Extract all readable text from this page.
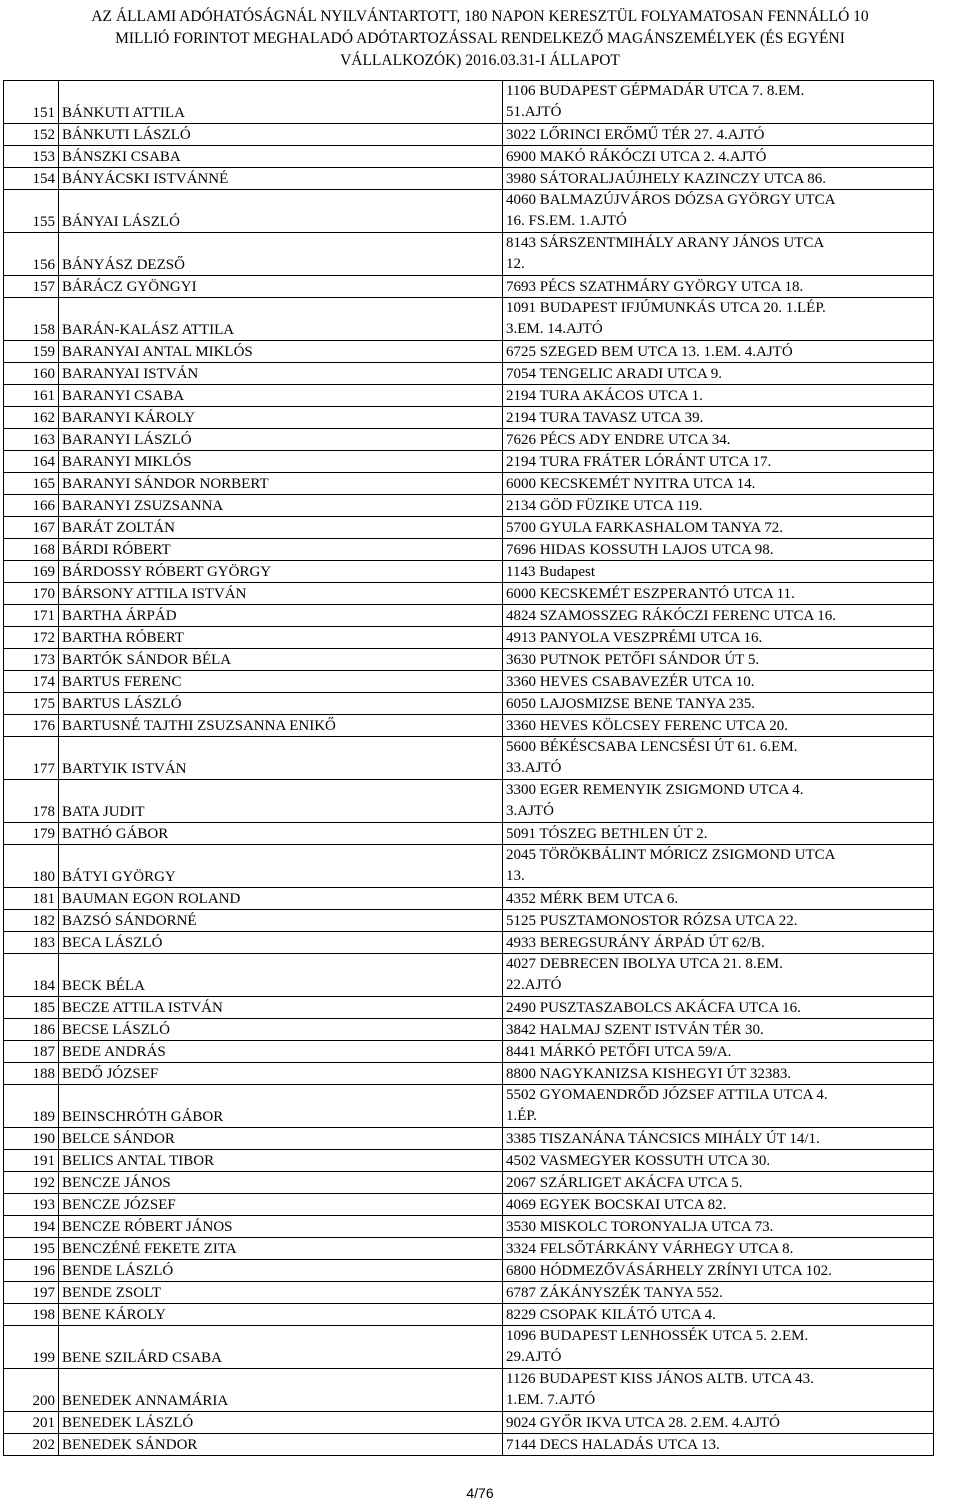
AZ ÁLLAMI ADÓHATÓSÁGNÁL NYILVÁNTARTOTT, 180 NAPON KERESZTÜL FOLYAMATOSAN FENNÁLLÓ 10
MILLIÓ FORINTOT MEGHALADÓ ADÓTARTOZÁSSAL RENDELKEZŐ MAGÁNSZEMÉLYEK (ÉS EGYÉNI
VÁLLALKOZÓK) 2016.03.31-I ÁLLAPOT
151	BÁNKUTI ATTILA	1106 BUDAPEST GÉPMADÁR UTCA 7. 8.EM.
51.AJTÓ
152	BÁNKUTI LÁSZLÓ	3022 LŐRINCI ERŐMŰ TÉR 27. 4.AJTÓ
153	BÁNSZKI CSABA	6900 MAKÓ RÁKÓCZI UTCA 2. 4.AJTÓ
154	BÁNYÁCSKI ISTVÁNNÉ	3980 SÁTORALJAÚJHELY KAZINCZY UTCA 86.
155	BÁNYAI LÁSZLÓ	4060 BALMAZÚJVÁROS DÓZSA GYÖRGY UTCA
16. FS.EM. 1.AJTÓ
156	BÁNYÁSZ DEZSŐ	8143 SÁRSZENTMIHÁLY ARANY JÁNOS UTCA
12.
157	BÁRÁCZ GYÖNGYI	7693 PÉCS SZATHMÁRY GYÖRGY UTCA 18.
158	BARÁN-KALÁSZ ATTILA	1091 BUDAPEST IFJÚMUNKÁS UTCA 20. 1.LÉP.
3.EM. 14.AJTÓ
159	BARANYAI ANTAL MIKLÓS	6725 SZEGED BEM UTCA 13. 1.EM. 4.AJTÓ
160	BARANYAI ISTVÁN	7054 TENGELIC ARADI UTCA 9.
161	BARANYI CSABA	2194 TURA AKÁCOS UTCA 1.
162	BARANYI KÁROLY	2194 TURA TAVASZ UTCA 39.
163	BARANYI LÁSZLÓ	7626 PÉCS ADY ENDRE UTCA 34.
164	BARANYI MIKLÓS	2194 TURA FRÁTER LÓRÁNT UTCA 17.
165	BARANYI SÁNDOR NORBERT	6000 KECSKEMÉT NYITRA UTCA 14.
166	BARANYI ZSUZSANNA	2134 GÖD FÜZIKE UTCA 119.
167	BARÁT ZOLTÁN	5700 GYULA FARKASHALOM TANYA 72.
168	BÁRDI RÓBERT	7696 HIDAS KOSSUTH LAJOS UTCA 98.
169	BÁRDOSSY RÓBERT GYÖRGY	1143 Budapest
170	BÁRSONY ATTILA ISTVÁN	6000 KECSKEMÉT ESZPERANTÓ UTCA 11.
171	BARTHA ÁRPÁD	4824 SZAMOSSZEG RÁKÓCZI FERENC UTCA 16.
172	BARTHA RÓBERT	4913 PANYOLA VESZPRÉMI UTCA 16.
173	BARTÓK SÁNDOR BÉLA	3630 PUTNOK PETŐFI SÁNDOR ÚT 5.
174	BARTUS FERENC	3360 HEVES CSABAVEZÉR UTCA 10.
175	BARTUS LÁSZLÓ	6050 LAJOSMIZSE BENE TANYA 235.
176	BARTUSNÉ TAJTHI ZSUZSANNA ENIKŐ	3360 HEVES KÖLCSEY FERENC UTCA 20.
177	BARTYIK ISTVÁN	5600 BÉKÉSCSABA LENCSÉSI ÚT 61. 6.EM.
33.AJTÓ
178	BATA JUDIT	3300 EGER REMENYIK ZSIGMOND UTCA 4.
3.AJTÓ
179	BATHÓ GÁBOR	5091 TÓSZEG BETHLEN ÚT 2.
180	BÁTYI GYÖRGY	2045 TÖRÖKBÁLINT MÓRICZ ZSIGMOND UTCA
13.
181	BAUMAN EGON ROLAND	4352 MÉRK BEM UTCA 6.
182	BAZSÓ SÁNDORNÉ	5125 PUSZTAMONOSTOR RÓZSA UTCA 22.
183	BECA LÁSZLÓ	4933 BEREGSURÁNY ÁRPÁD ÚT 62/B.
184	BECK BÉLA	4027 DEBRECEN IBOLYA UTCA 21. 8.EM.
22.AJTÓ
185	BECZE ATTILA ISTVÁN	2490 PUSZTASZABOLCS AKÁCFA UTCA 16.
186	BECSE LÁSZLÓ	3842 HALMAJ SZENT ISTVÁN TÉR 30.
187	BEDE ANDRÁS	8441 MÁRKÓ PETŐFI UTCA 59/A.
188	BEDŐ JÓZSEF	8800 NAGYKANIZSA KISHEGYI ÚT 32383.
189	BEINSCHRÓTH GÁBOR	5502 GYOMAENDRŐD JÓZSEF ATTILA UTCA 4.
1.ÉP.
190	BELCE SÁNDOR	3385 TISZANÁNA TÁNCSICS MIHÁLY ÚT 14/1.
191	BELICS ANTAL TIBOR	4502 VASMEGYER KOSSUTH UTCA 30.
192	BENCZE JÁNOS	2067 SZÁRLIGET AKÁCFA UTCA 5.
193	BENCZE JÓZSEF	4069 EGYEK BOCSKAI UTCA 82.
194	BENCZE RÓBERT JÁNOS	3530 MISKOLC TORONYALJA UTCA 73.
195	BENCZÉNÉ FEKETE ZITA	3324 FELSŐTÁRKÁNY VÁRHEGY UTCA 8.
196	BENDE LÁSZLÓ	6800 HÓDMEZŐVÁSÁRHELY ZRÍNYI UTCA 102.
197	BENDE ZSOLT	6787 ZÁKÁNYSZÉK TANYA 552.
198	BENE KÁROLY	8229 CSOPAK KILÁTÓ UTCA 4.
199	BENE SZILÁRD CSABA	1096 BUDAPEST LENHOSSÉK UTCA 5. 2.EM.
29.AJTÓ
200	BENEDEK ANNAMÁRIA	1126 BUDAPEST KISS JÁNOS ALTB. UTCA 43.
1.EM. 7.AJTÓ
201	BENEDEK LÁSZLÓ	9024 GYŐR IKVA UTCA 28. 2.EM. 4.AJTÓ
202	BENEDEK SÁNDOR	7144 DECS HALADÁS UTCA 13.
4/76
